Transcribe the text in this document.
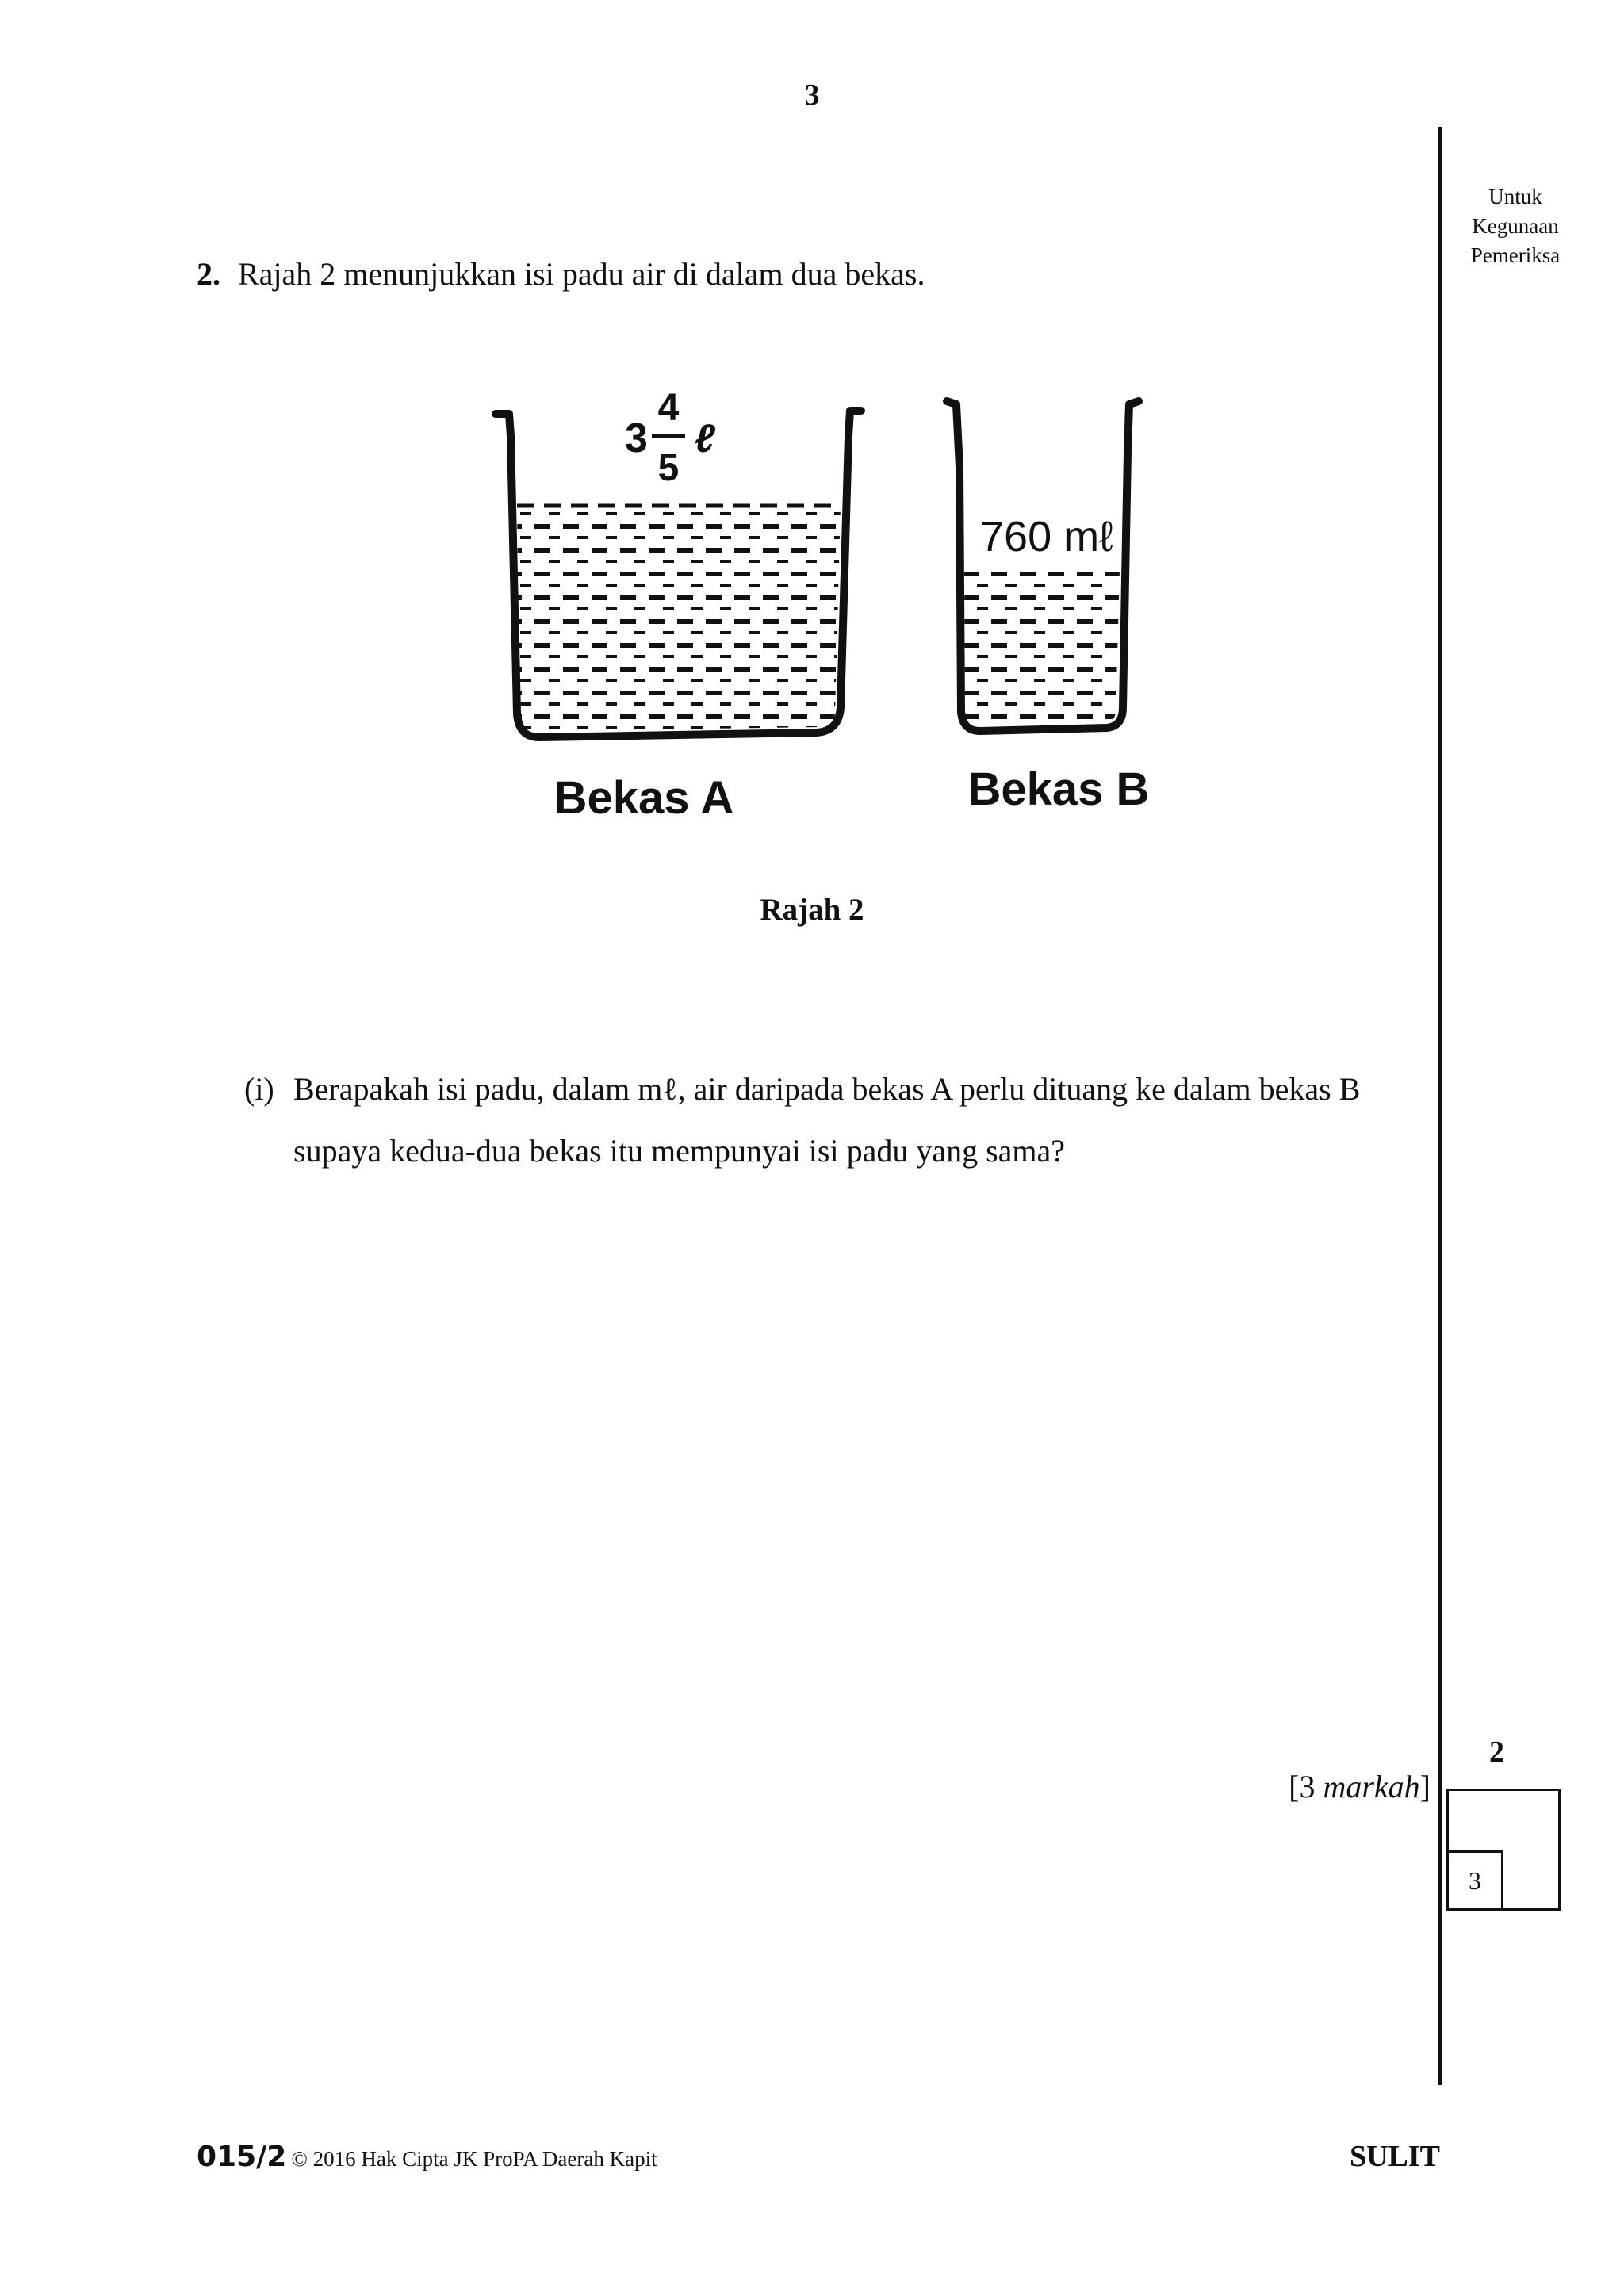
3
Untuk
Kegunaan
Pemeriksa
2. Rajah 2 menunjukkan isi padu air di dalam dua bekas.
3
4
5
ℓ
Bekas A
760 mℓ
Bekas B
Rajah 2
(i) Berapakah isi padu, dalam mℓ, air daripada bekas A perlu dituang ke dalam bekas B
supaya kedua-dua bekas itu mempunyai isi padu yang sama?
[3 markah]
2
3
015/2 © 2016 Hak Cipta JK ProPA Daerah Kapit	SULIT
